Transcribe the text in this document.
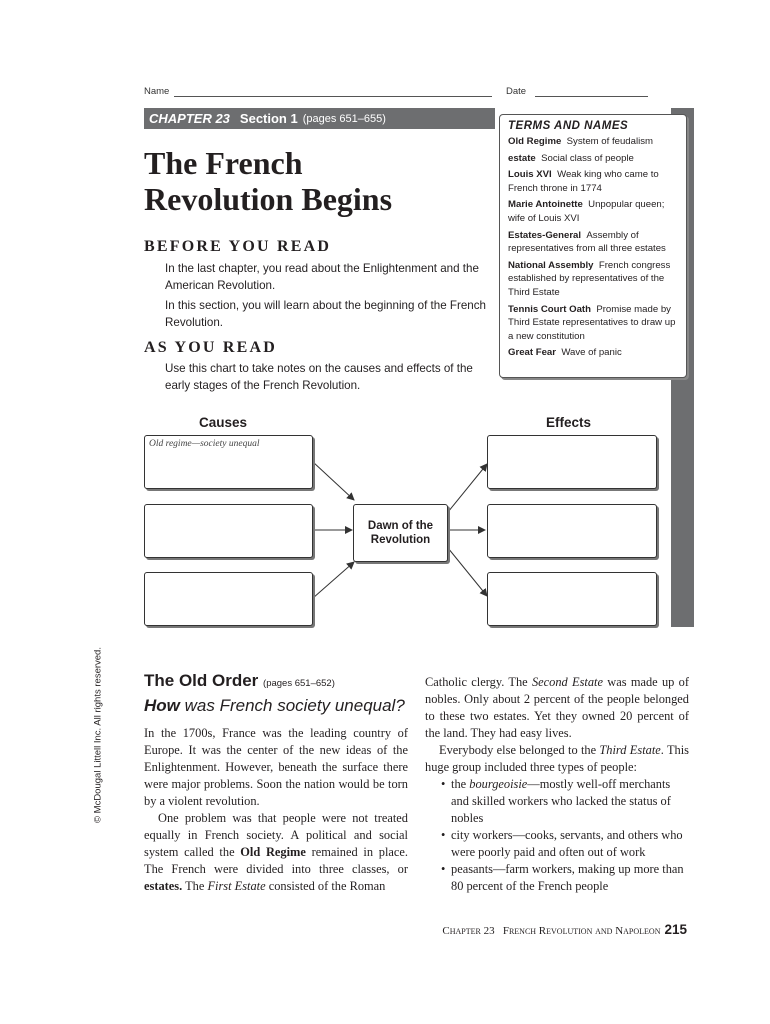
Name	Date
CHAPTER 23 Section 1 (pages 651–655)
The French
Revolution Begins
BEFORE YOU READ
In the last chapter, you read about the Enlightenment and the American Revolution.
In this section, you will learn about the beginning of the French Revolution.
AS YOU READ
Use this chart to take notes on the causes and effects of the early stages of the French Revolution.
TERMS AND NAMES
Old Regime System of feudalism
estate Social class of people
Louis XVI Weak king who came to French throne in 1774
Marie Antoinette Unpopular queen; wife of Louis XVI
Estates-General Assembly of representatives from all three estates
National Assembly French congress established by representatives of the Third Estate
Tennis Court Oath Promise made by Third Estate representatives to draw up a new constitution
Great Fear Wave of panic
Causes	Effects
Old regime—society unequal
Dawn of the
Revolution
© McDougal Littell Inc. All rights reserved. The Old Order (pages 651–652)
How was French society unequal?

In the 1700s, France was the leading country of Europe. It was the center of the new ideas of the Enlightenment. However, beneath the surface there were major problems. Soon the nation would be torn by a violent revolution.

One problem was that people were not treated equally in French society. A political and social system called the Old Regime remained in place. The French were divided into three classes, or estates. The First Estate consisted of the Roman

Catholic clergy. The Second Estate was made up of nobles. Only about 2 percent of the people belonged to these two estates. Yet they owned 20 percent of the land. They had easy lives.

Everybody else belonged to the Third Estate. This huge group included three types of people:

• the bourgeoisie—mostly well-off merchants and skilled workers who lacked the status of nobles
• city workers—cooks, servants, and others who were poorly paid and often out of work
• peasants—farm workers, making up more than 80 percent of the French people
Chapter 23 French Revolution and Napoleon 215
